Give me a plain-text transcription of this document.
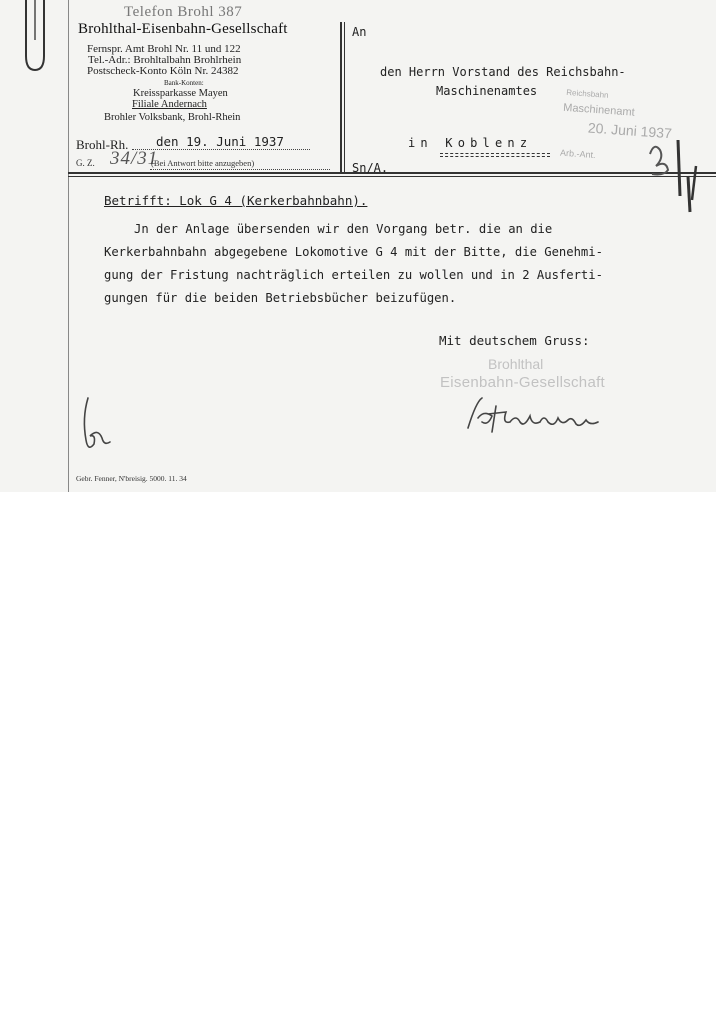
Telefon Brohl 387
Brohlthal-Eisenbahn-Gesellschaft
Fernspr. Amt Brohl Nr. 11 und 122
Tel.-Adr.: Brohltalbahn Brohlrhein
Postscheck-Konto Köln Nr. 24382
Bank-Konten:
Kreissparkasse Mayen
Filiale Andernach
Brohler Volksbank, Brohl-Rhein
Brohl-Rh. den 19. Juni 1937
G. Z. 34/31
(Bei Antwort bitte anzugeben)
An
den Herrn Vorstand des Reichsbahn-
Maschinenamtes
in Koblenz
Sn/A.
Reichsbahn
Maschinenamt
20. Juni 1937
Arb.-Ant.
Betrifft: Lok G 4 (Kerkerbahnbahn).
Jn der Anlage übersenden wir den Vorgang betr. die an die
Kerkerbahnbahn abgegebene Lokomotive G 4 mit der Bitte, die Genehmi-
gung der Fristung nachträglich erteilen zu wollen und in 2 Ausferti-
gungen für die beiden Betriebsbücher beizufügen.
Mit deutschem Gruss:
Brohlthal
Eisenbahn-Gesellschaft
Gebr. Fenner, N'breisig. 5000. 11. 34
